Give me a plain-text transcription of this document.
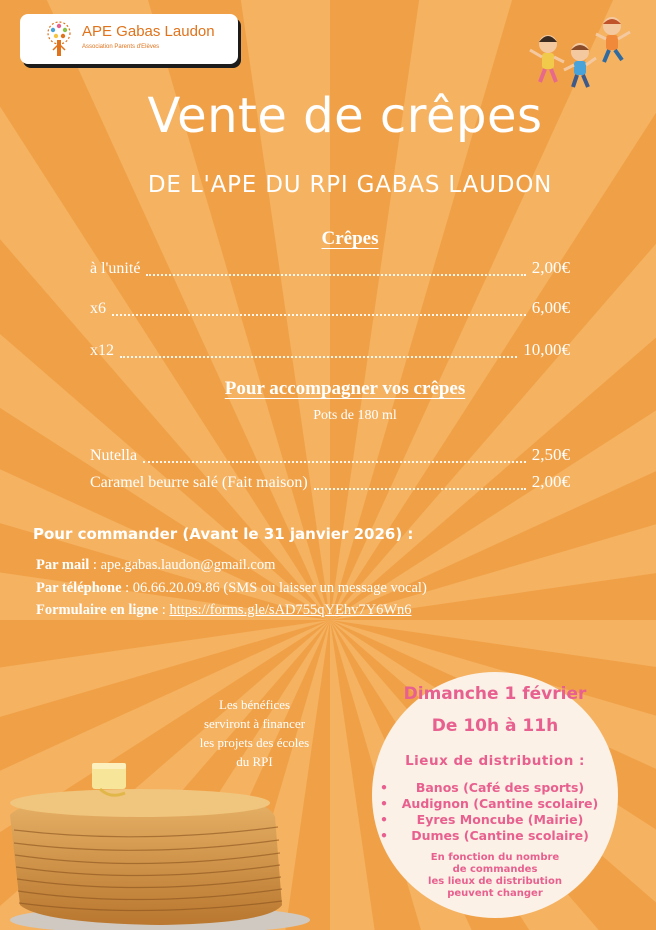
APE Gabas Laudon
Association Parents d'Elèves
Vente de crêpes
DE L'APE DU RPI GABAS LAUDON
Crêpes
à l'unité	2,00€
x6	6,00€
x12	10,00€
Pour accompagner vos crêpes
Pots de 180 ml
Nutella	2,50€
Caramel beurre salé (Fait maison)	2,00€
Pour commander (Avant le 31 janvier 2026) :
Par mail : ape.gabas.laudon@gmail.com
Par téléphone : 06.66.20.09.86 (SMS ou laisser un message vocal)
Formulaire en ligne : https://forms.gle/sAD755qYEhv7Y6Wn6
Les bénéfices
serviront à financer
les projets des écoles
du RPI
Dimanche 1 février
De 10h à 11h
Lieux de distribution :
• Banos (Café des sports)
• Audignon (Cantine scolaire)
• Eyres Moncube (Mairie)
• Dumes (Cantine scolaire)
En fonction du nombre
de commandes
les lieux de distribution
peuvent changer
